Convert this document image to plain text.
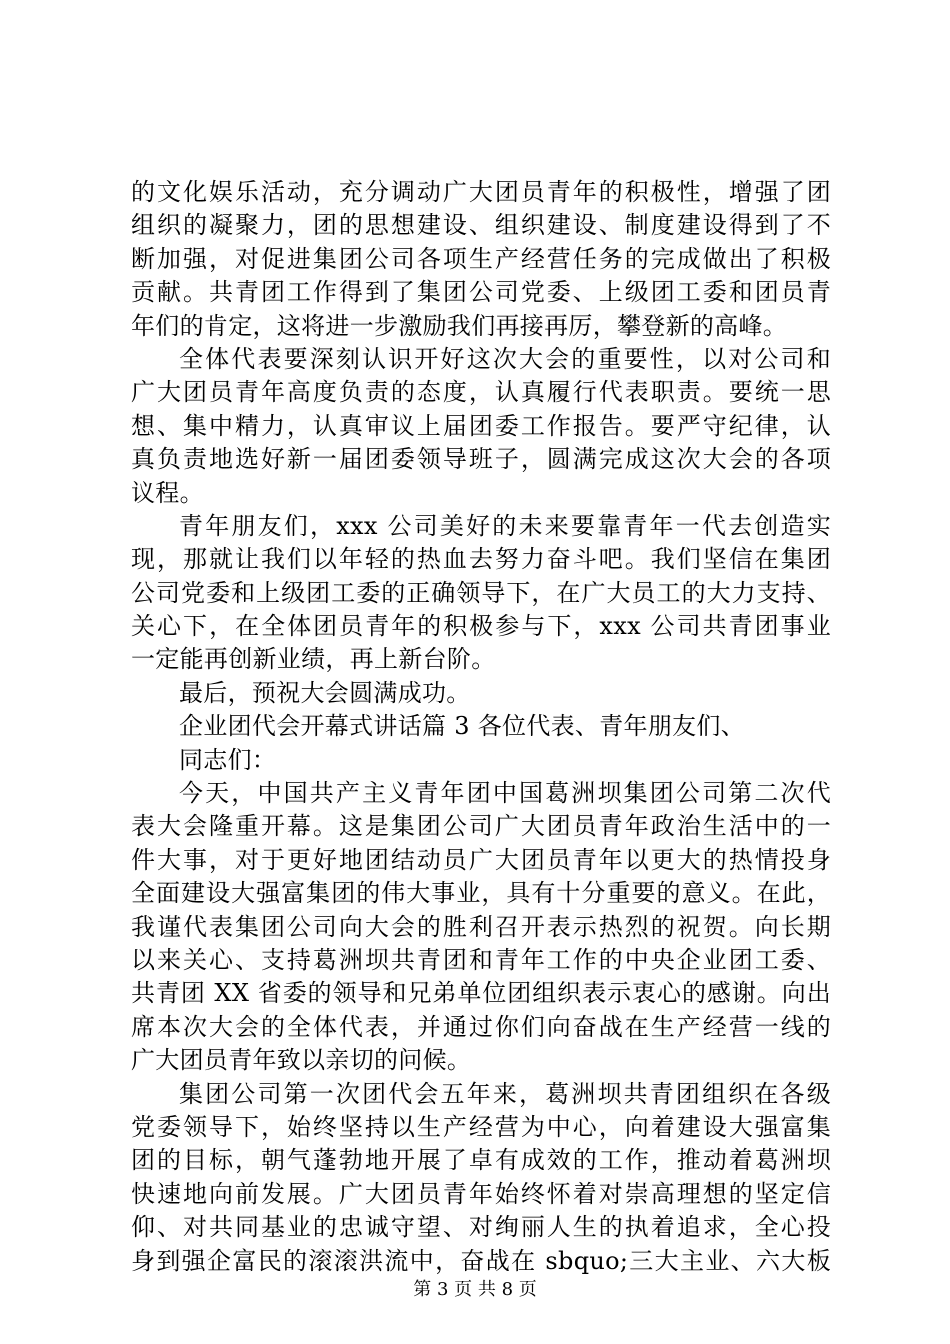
的文化娱乐活动，充分调动广大团员青年的积极性，增强了团
组织的凝聚力，团的思想建设、组织建设、制度建设得到了不
断加强，对促进集团公司各项生产经营任务的完成做出了积极
贡献。共青团工作得到了集团公司党委、上级团工委和团员青
年们的肯定，这将进一步激励我们再接再厉，攀登新的高峰。
全体代表要深刻认识开好这次大会的重要性，以对公司和
广大团员青年高度负责的态度，认真履行代表职责。要统一思
想、集中精力，认真审议上届团委工作报告。要严守纪律，认
真负责地选好新一届团委领导班子，圆满完成这次大会的各项
议程。
青年朋友们，xxx 公司美好的未来要靠青年一代去创造实
现，那就让我们以年轻的热血去努力奋斗吧。我们坚信在集团
公司党委和上级团工委的正确领导下，在广大员工的大力支持、
关心下，在全体团员青年的积极参与下，xxx 公司共青团事业
一定能再创新业绩，再上新台阶。
最后，预祝大会圆满成功。
企业团代会开幕式讲话篇 3 各位代表、青年朋友们、
同志们：
今天，中国共产主义青年团中国葛洲坝集团公司第二次代
表大会隆重开幕。这是集团公司广大团员青年政治生活中的一
件大事，对于更好地团结动员广大团员青年以更大的热情投身
全面建设大强富集团的伟大事业，具有十分重要的意义。在此，
我谨代表集团公司向大会的胜利召开表示热烈的祝贺。向长期
以来关心、支持葛洲坝共青团和青年工作的中央企业团工委、
共青团 XX 省委的领导和兄弟单位团组织表示衷心的感谢。向出
席本次大会的全体代表，并通过你们向奋战在生产经营一线的
广大团员青年致以亲切的问候。
集团公司第一次团代会五年来，葛洲坝共青团组织在各级
党委领导下，始终坚持以生产经营为中心，向着建设大强富集
团的目标，朝气蓬勃地开展了卓有成效的工作，推动着葛洲坝
快速地向前发展。广大团员青年始终怀着对崇高理想的坚定信
仰、对共同基业的忠诚守望、对绚丽人生的执着追求，全心投
身到强企富民的滚滚洪流中，奋战在 sbquo;三大主业、六大板
第 3 页 共 8 页
